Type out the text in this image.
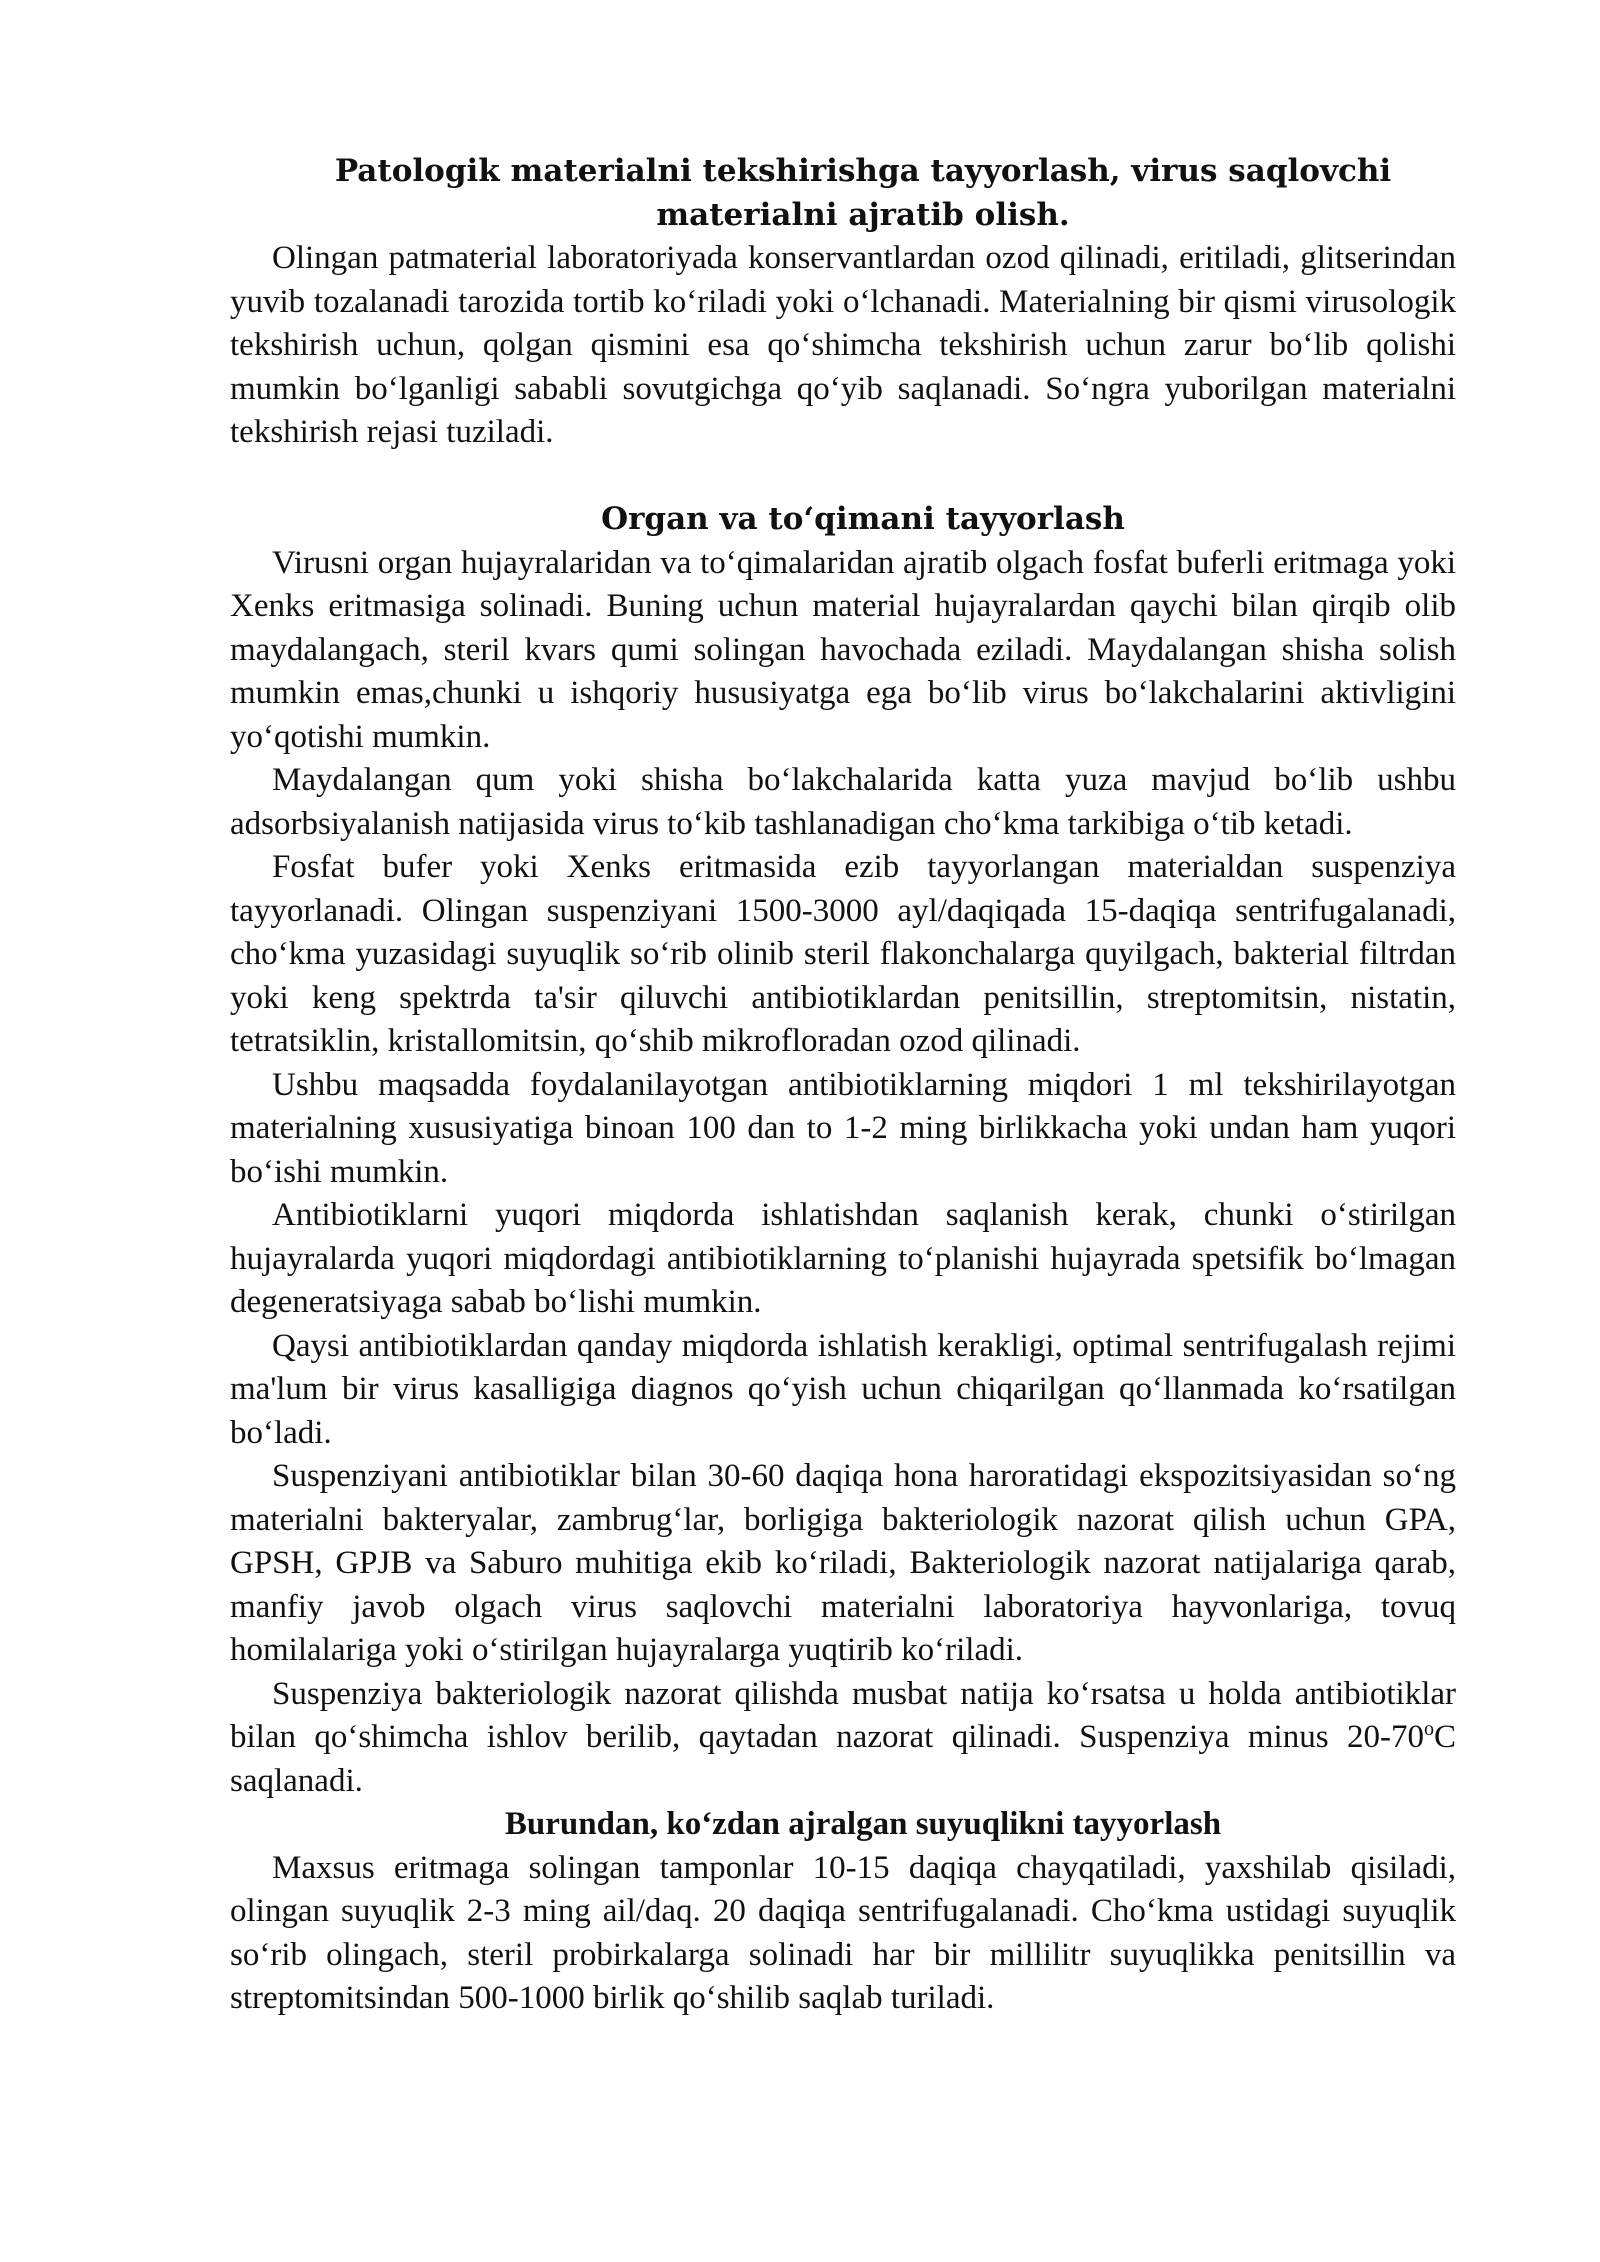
Patologik materialni tekshirishga tayyorlash, virus saqlovchi
materialni ajratib olish.

Olingan patmaterial laboratoriyada konservantlardan ozod qilinadi, eritiladi, glitserindan yuvib tozalanadi tarozida tortib ko‘riladi yoki o‘lchanadi. Materialning bir qismi virusologik tekshirish uchun, qolgan qismini esa qo‘shimcha tekshirish uchun zarur bo‘lib qolishi mumkin bo‘lganligi sababli sovutgichga qo‘yib saqlanadi. So‘ngra yuborilgan materialni tekshirish rejasi tuziladi.

Organ va to‘qimani tayyorlash

Virusni organ hujayralaridan va to‘qimalaridan ajratib olgach fosfat buferli eritmaga yoki Xenks eritmasiga solinadi. Buning uchun material hujayralardan qaychi bilan qirqib olib maydalangach, steril kvars qumi solingan havochada eziladi. Maydalangan shisha solish mumkin emas,chunki u ishqoriy hususiyatga ega bo‘lib virus bo‘lakchalarini aktivligini yo‘qotishi mumkin.

Maydalangan qum yoki shisha bo‘lakchalarida katta yuza mavjud bo‘lib ushbu adsorbsiyalanish natijasida virus to‘kib tashlanadigan cho‘kma tarkibiga o‘tib ketadi.

Fosfat bufer yoki Xenks eritmasida ezib tayyorlangan materialdan suspenziya tayyorlanadi. Olingan suspenziyani 1500-3000 ayl/daqiqada 15-daqiqa sentrifugalanadi, cho‘kma yuzasidagi suyuqlik so‘rib olinib steril flakonchalarga quyilgach, bakterial filtrdan yoki keng spektrda ta'sir qiluvchi antibiotiklardan penitsillin, streptomitsin, nistatin, tetratsiklin, kristallomitsin, qo‘shib mikrofloradan ozod qilinadi.

Ushbu maqsadda foydalanilayotgan antibiotiklarning miqdori 1 ml tekshirilayotgan materialning xususiyatiga binoan 100 dan to 1-2 ming birlikkacha yoki undan ham yuqori bo‘ishi mumkin.

Antibiotiklarni yuqori miqdorda ishlatishdan saqlanish kerak, chunki o‘stirilgan hujayralarda yuqori miqdordagi antibiotiklarning to‘planishi hujayrada spetsifik bo‘lmagan degeneratsiyaga sabab bo‘lishi mumkin.

Qaysi antibiotiklardan qanday miqdorda ishlatish kerakligi, optimal sentrifugalash rejimi ma'lum bir virus kasalligiga diagnos qo‘yish uchun chiqarilgan qo‘llanmada ko‘rsatilgan bo‘ladi.

Suspenziyani antibiotiklar bilan 30-60 daqiqa hona haroratidagi ekspozitsiyasidan so‘ng materialni bakteryalar, zambrug‘lar, borligiga bakteriologik nazorat qilish uchun GPA, GPSH, GPJB va Saburo muhitiga ekib ko‘riladi, Bakteriologik nazorat natijalariga qarab, manfiy javob olgach virus saqlovchi materialni laboratoriya hayvonlariga, tovuq homilalariga yoki o‘stirilgan hujayralarga yuqtirib ko‘riladi.

Suspenziya bakteriologik nazorat qilishda musbat natija ko‘rsatsa u holda antibiotiklar bilan qo‘shimcha ishlov berilib, qaytadan nazorat qilinadi. Suspenziya minus 20-70$^o$C saqlanadi.

Burundan, ko‘zdan ajralgan suyuqlikni tayyorlash

Maxsus eritmaga solingan tamponlar 10-15 daqiqa chayqatiladi, yaxshilab qisiladi, olingan suyuqlik 2-3 ming ail/daq. 20 daqiqa sentrifugalanadi. Cho‘kma ustidagi suyuqlik so‘rib olingach, steril probirkalarga solinadi har bir millilitr suyuqlikka penitsillin va streptomitsindan 500-1000 birlik qo‘shilib saqlab turiladi.
